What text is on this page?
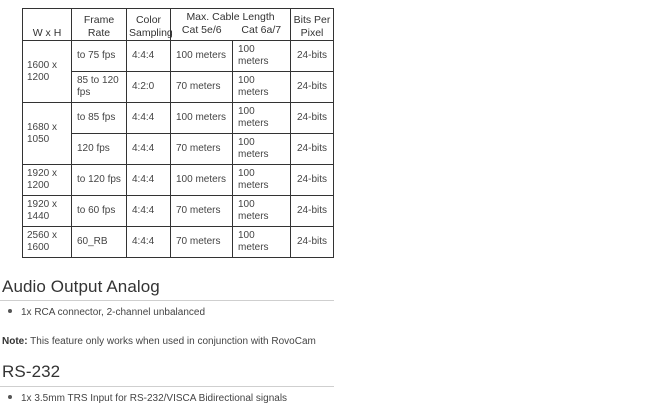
W x H	Frame Rate	Color Sampling	Max. Cable Length		Bits Per Pixel
			Cat 5e/6	Cat 6a/7	
1600 x 1200	to 75 fps	4:4:4	100 meters	100 meters	24-bits
	85 to 120 fps	4:2:0	70 meters	100 meters	24-bits
1680 x 1050	to 85 fps	4:4:4	100 meters	100 meters	24-bits
	120 fps	4:4:4	70 meters	100 meters	24-bits
1920 x 1200	to 120 fps	4:4:4	100 meters	100 meters	24-bits
1920 x 1440	to 60 fps	4:4:4	70 meters	100 meters	24-bits
2560 x 1600	60_RB	4:4:4	70 meters	100 meters	24-bits
Audio Output Analog
1x RCA connector, 2-channel unbalanced
Note: This feature only works when used in conjunction with RovoCam
RS-232
1x 3.5mm TRS Input for RS-232/VISCA Bidirectional signals
